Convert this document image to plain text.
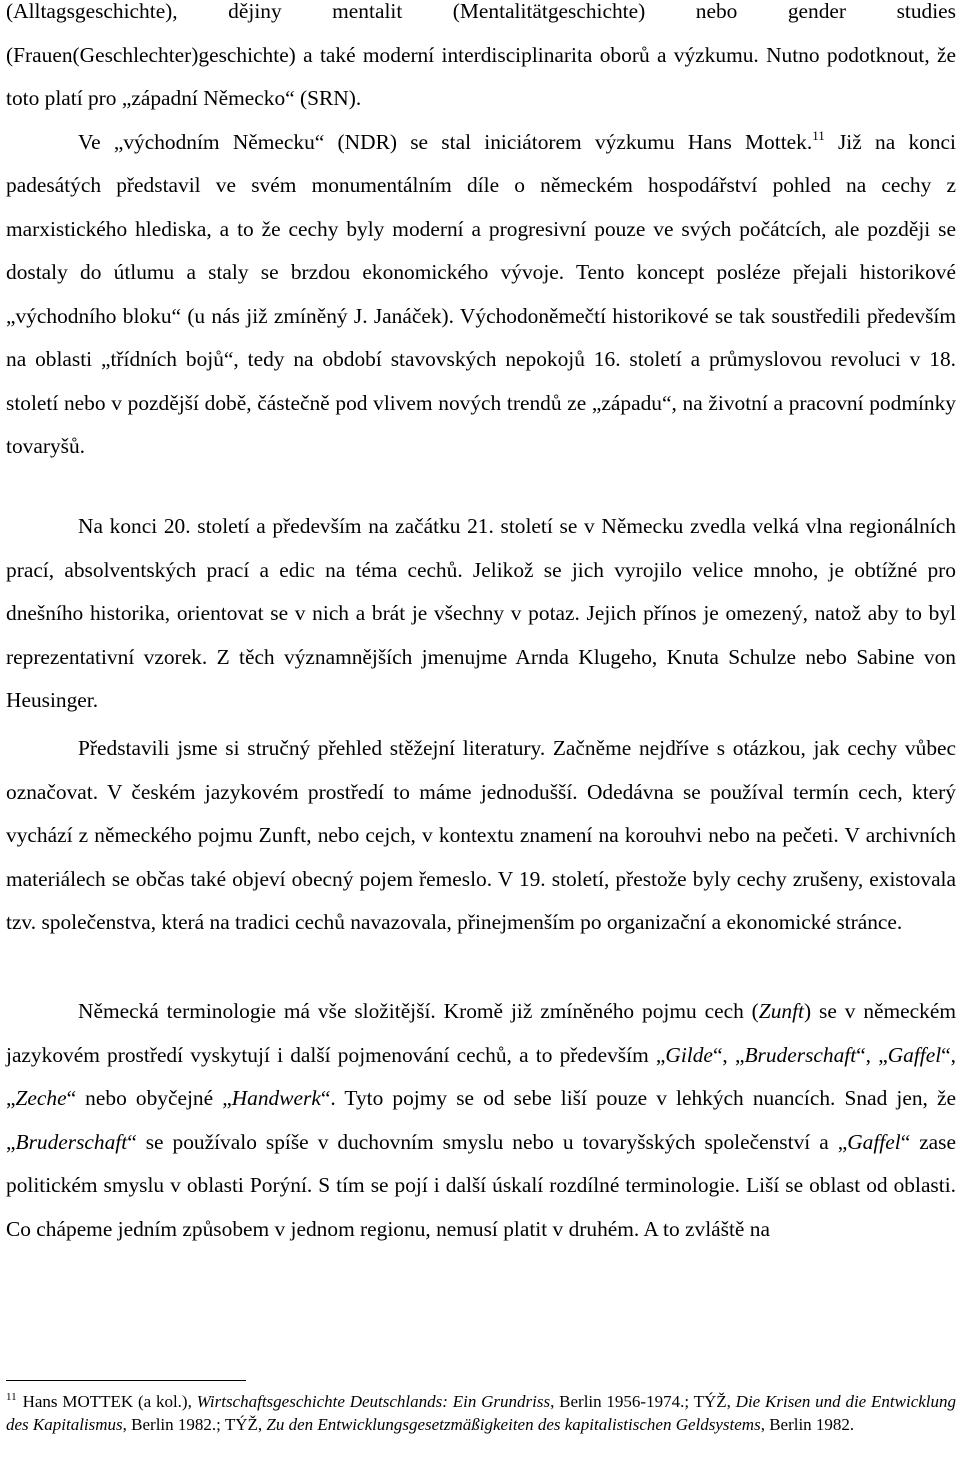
(Alltagsgeschichte), dějiny mentalit (Mentalitätgeschichte) nebo gender studies (Frauen(Geschlechter)geschichte) a také moderní interdisciplinarita oborů a výzkumu. Nutno podotknout, že toto platí pro „západní Německo“ (SRN).
Ve „východním Německu“ (NDR) se stal iniciátorem výzkumu Hans Mottek.$^{11}$ Již na konci padesátých představil ve svém monumentálním díle o německém hospodářství pohled na cechy z marxistického hlediska, a to že cechy byly moderní a progresivní pouze ve svých počátcích, ale později se dostaly do útlumu a staly se brzdou ekonomického vývoje. Tento koncept posléze přejali historikové „východního bloku“ (u nás již zmíněný J. Janáček). Východoněmečtí historikové se tak soustředili především na oblasti „třídních bojů“, tedy na období stavovských nepokojů 16. století a průmyslovou revoluci v 18. století nebo v pozdější době, částečně pod vlivem nových trendů ze „západu“, na životní a pracovní podmínky tovaryšů.

Na konci 20. století a především na začátku 21. století se v Německu zvedla velká vlna regionálních prací, absolventských prací a edic na téma cechů. Jelikož se jich vyrojilo velice mnoho, je obtížné pro dnešního historika, orientovat se v nich a brát je všechny v potaz. Jejich přínos je omezený, natož aby to byl reprezentativní vzorek. Z těch významnějších jmenujme Arnda Klugeho, Knuta Schulze nebo Sabine von Heusinger.

Představili jsme si stručný přehled stěžejní literatury. Začněme nejdříve s otázkou, jak cechy vůbec označovat. V českém jazykovém prostředí to máme jednodušší. Odedávna se používal termín cech, který vychází z německého pojmu Zunft, nebo cejch, v kontextu znamení na korouhvi nebo na pečeti. V archivních materiálech se občas také objeví obecný pojem řemeslo. V 19. století, přestože byly cechy zrušeny, existovala tzv. společenstva, která na tradici cechů navazovala, přinejmenším po organizační a ekonomické stránce.

Německá terminologie má vše složitější. Kromě již zmíněného pojmu cech (Zunft) se v německém jazykovém prostředí vyskytují i další pojmenování cechů, a to především „Gilde“, „Bruderschaft“, „Gaffel“, „Zeche“ nebo obyčejné „Handwerk“. Tyto pojmy se od sebe liší pouze v lehkých nuancích. Snad jen, že „Bruderschaft“ se používalo spíše v duchovním smyslu nebo u tovaryšských společenství a „Gaffel“ zase politickém smyslu v oblasti Porýní. S tím se pojí i další úskalí rozdílné terminologie. Liší se oblast od oblasti. Co chápeme jedním způsobem v jednom regionu, nemusí platit v druhém. A to zvláště na

$^{11}$ Hans MOTTEK (a kol.), Wirtschaftsgeschichte Deutschlands: Ein Grundriss, Berlin 1956-1974.; TÝŽ, Die Krisen und die Entwicklung des Kapitalismus, Berlin 1982.; TÝŽ, Zu den Entwicklungsgesetzmäßigkeiten des kapitalistischen Geldsystems, Berlin 1982.
